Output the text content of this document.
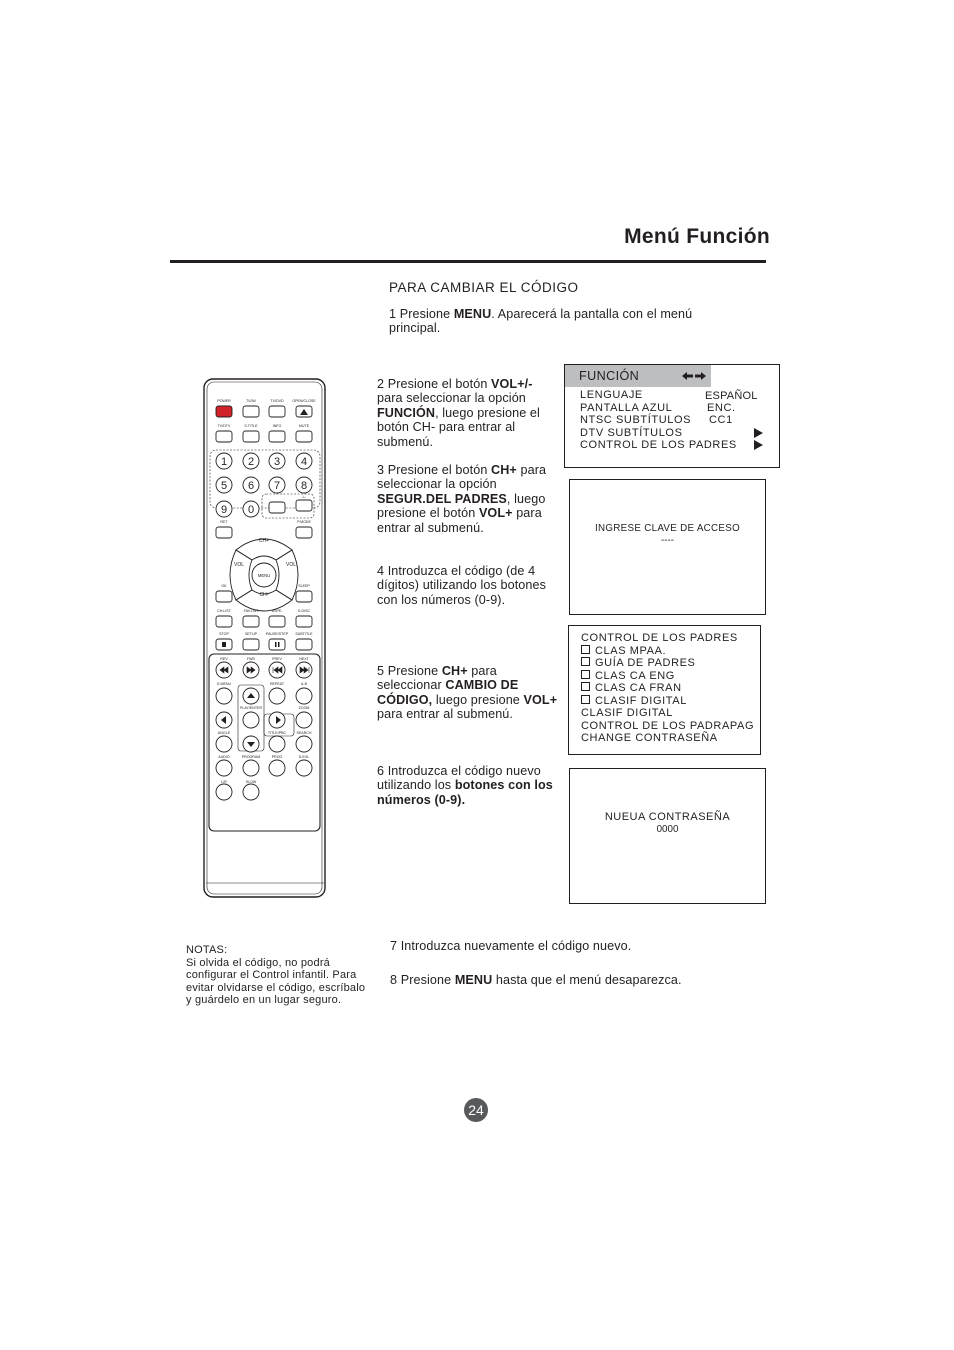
Menú Función
PARA CAMBIAR EL CÓDIGO
1 Presione MENU. Aparecerá la pantalla con el menú principal.
2 Presione el botón VOL+/- para seleccionar la opción FUNCIÓN, luego presione el botón CH- para entrar al submenú.
3 Presione el botón CH+ para seleccionar la opción SEGUR.DEL PADRES, luego presione el botón VOL+ para entrar al submenú.
4 Introduzca el código (de 4 dígitos) utilizando los botones con los números (0-9).
5 Presione CH+ para seleccionar CAMBIO DE CÓDIGO, luego presione VOL+ para entrar al submenú.
6 Introduzca el código nuevo utilizando los botones con los números (0-9).
7 Introduzca nuevamente el código nuevo.
8 Presione MENU hasta que el menú desaparezca.
NOTAS:
Si olvida el código, no podrá configurar el Control infantil. Para evitar olvidarse el código, escríbalo y guárdelo en un lugar seguro.
FUNCIÓN
LENGUAJE	ESPAÑOL
PANTALLA AZUL	ENC.
NTSC SUBTÍTULOS CC1
DTV SUBTÍTULOS
CONTROL DE LOS PADRES
INGRESE CLAVE DE ACCESO
----
CONTROL DE LOS PADRES
CLAS MPAA.
GUÍA DE PADRES
CLAS CA ENG
CLAS CA FRAN
CLASIF DIGITAL
CLASIF DIGITAL
CONTROL DE LOS PADRAPAG
CHANGE CONTRASEÑA
NUEUA CONTRASEÑA
0000
24
POWER	TV/AV	TV/DVD OPEN/CLOSE
TV/DTV	S.TITLE	INFO	MUTE
1 2 3 4
5 6 7 8
9 0
-/--
RET	P.MODE
CH+
CH-
VOL	VOL
MENU
OK	SLEEP
CH.LIST	FAV.LIST	ASPE.	D.DISC
STOP	SETUP PAUSE/STEP SUBTITLE
REV	FWD	PREV	NEXT
D.MENU	REPEAT	A-B
PLAY/ENTER	ZOOM
ANGLE	TITLE/PBC	SEARCH
AUDIO	PROGRAM	PROG	D.EVL
L/R	SLOW
